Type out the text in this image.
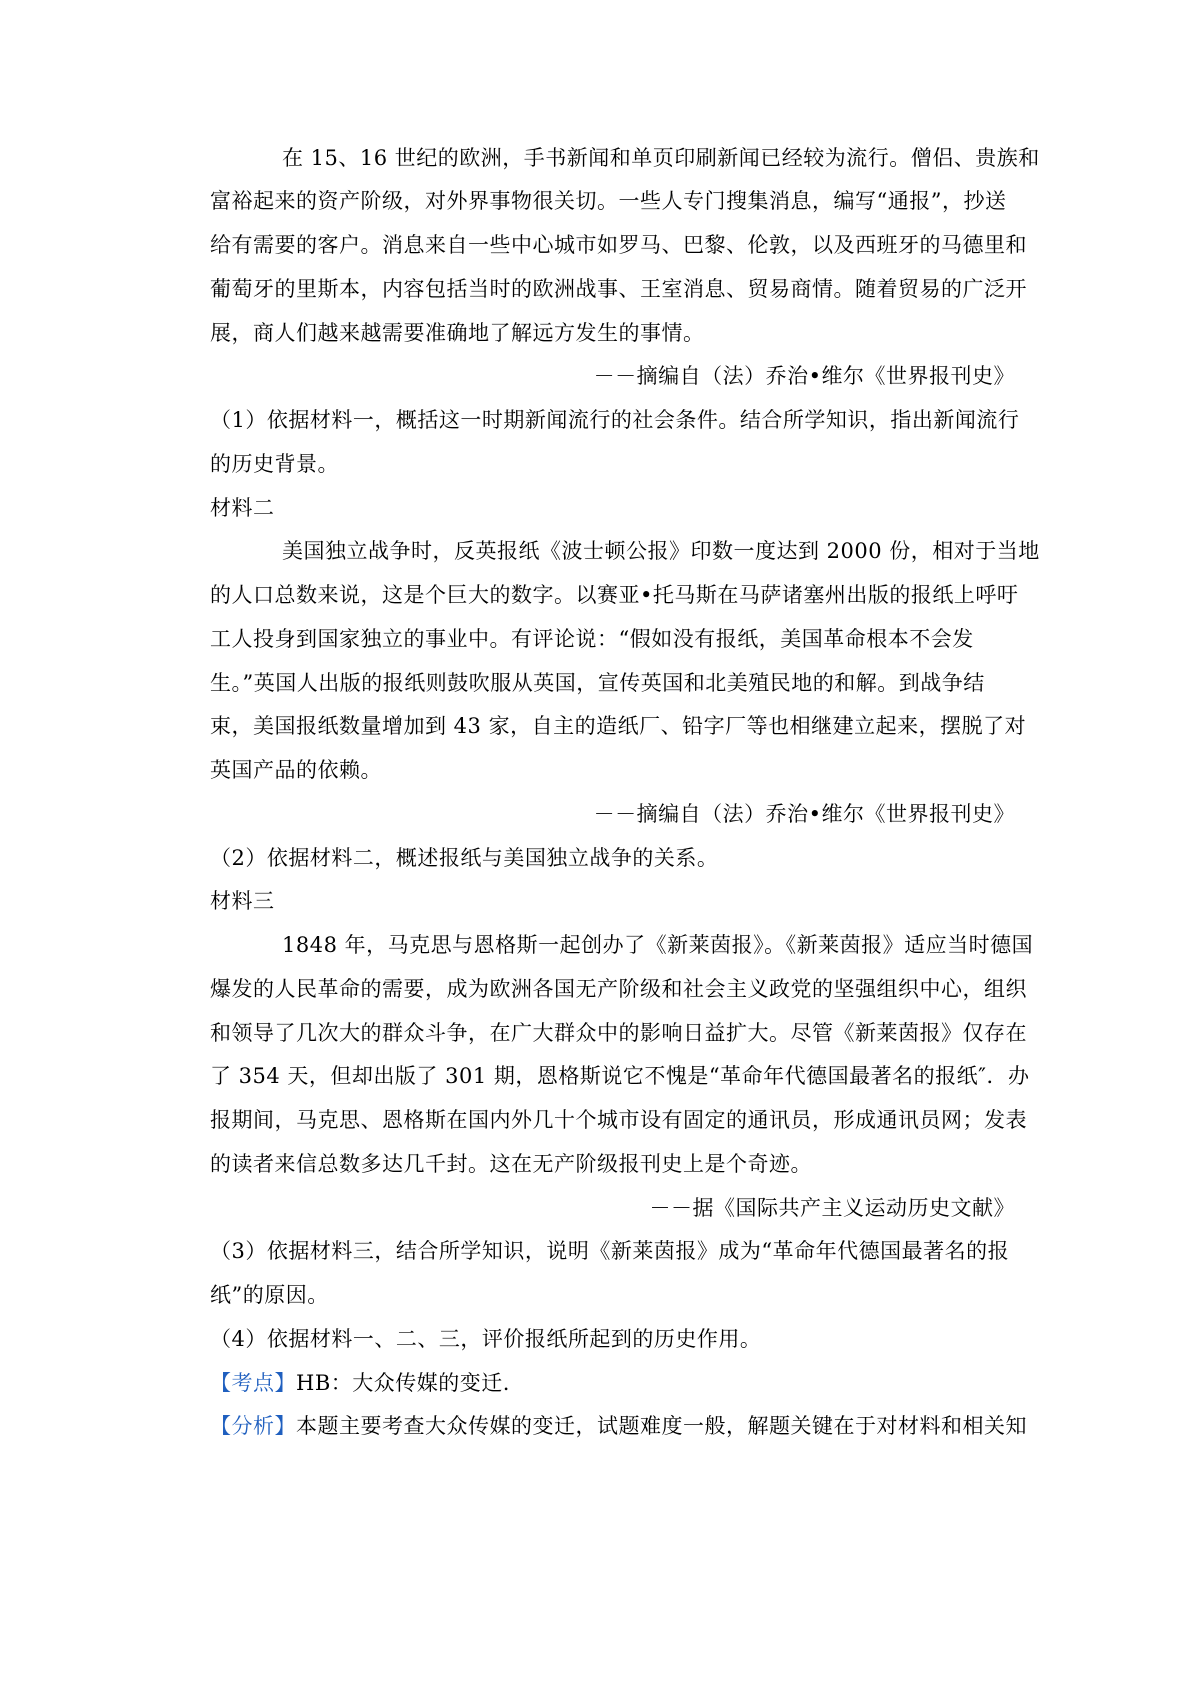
在 15、16 世纪的欧洲，手书新闻和单页印刷新闻已经较为流行。僧侣、贵族和
富裕起来的资产阶级，对外界事物很关切。一些人专门搜集消息，编写“通报”，抄送
给有需要的客户。消息来自一些中心城市如罗马、巴黎、伦敦，以及西班牙的马德里和
葡萄牙的里斯本，内容包括当时的欧洲战事、王室消息、贸易商情。随着贸易的广泛开
展，商人们越来越需要准确地了解远方发生的事情。
－－摘编自（法）乔治•维尔《世界报刊史》
（1）依据材料一，概括这一时期新闻流行的社会条件。结合所学知识，指出新闻流行
的历史背景。
材料二
美国独立战争时，反英报纸《波士顿公报》印数一度达到 2000 份，相对于当地
的人口总数来说，这是个巨大的数字。以赛亚•托马斯在马萨诸塞州出版的报纸上呼吁
工人投身到国家独立的事业中。有评论说：“假如没有报纸，美国革命根本不会发
生。”英国人出版的报纸则鼓吹服从英国，宣传英国和北美殖民地的和解。到战争结
束，美国报纸数量增加到 43 家，自主的造纸厂、铅字厂等也相继建立起来，摆脱了对
英国产品的依赖。
－－摘编自（法）乔治•维尔《世界报刊史》
（2）依据材料二，概述报纸与美国独立战争的关系。
材料三
1848 年，马克思与恩格斯一起创办了《新莱茵报》。《新莱茵报》适应当时德国
爆发的人民革命的需要，成为欧洲各国无产阶级和社会主义政党的坚强组织中心，组织
和领导了几次大的群众斗争，在广大群众中的影响日益扩大。尽管《新莱茵报》仅存在
了 354 天，但却出版了 301 期，恩格斯说它不愧是“革命年代德国最著名的报纸″．办
报期间，马克思、恩格斯在国内外几十个城市设有固定的通讯员，形成通讯员网；发表
的读者来信总数多达几千封。这在无产阶级报刊史上是个奇迹。
－－据《国际共产主义运动历史文献》
（3）依据材料三，结合所学知识，说明《新莱茵报》成为“革命年代德国最著名的报
纸”的原因。
（4）依据材料一、二、三，评价报纸所起到的历史作用。
【考点】HB：大众传媒的变迁.
【分析】本题主要考查大众传媒的变迁，试题难度一般，解题关键在于对材料和相关知
